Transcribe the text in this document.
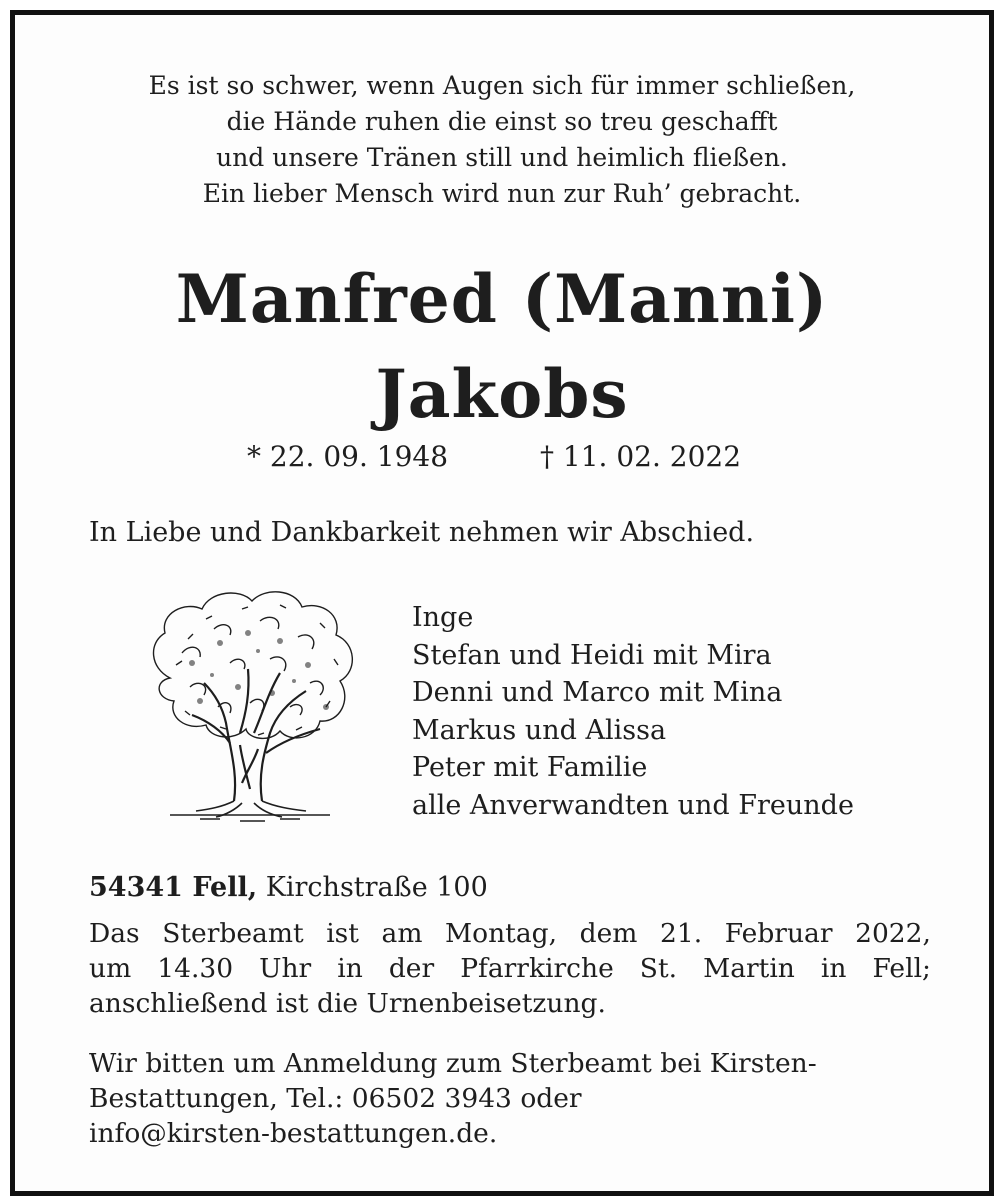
Es ist so schwer, wenn Augen sich für immer schließen,
die Hände ruhen die einst so treu geschafft
und unsere Tränen still und heimlich fließen.
Ein lieber Mensch wird nun zur Ruh’ gebracht.
Manfred (Manni)
Jakobs
* 22. 09. 1948	† 11. 02. 2022
In Liebe und Dankbarkeit nehmen wir Abschied.
Inge
Stefan und Heidi mit Mira
Denni und Marco mit Mina
Markus und Alissa
Peter mit Familie
alle Anverwandten und Freunde
54341 Fell, Kirchstraße 100
Das Sterbeamt ist am Montag, dem 21. Februar 2022,
um 14.30 Uhr in der Pfarrkirche St. Martin in Fell;
anschließend ist die Urnenbeisetzung.
Wir bitten um Anmeldung zum Sterbeamt bei Kirsten-
Bestattungen, Tel.: 06502 3943 oder
info@kirsten-bestattungen.de.
